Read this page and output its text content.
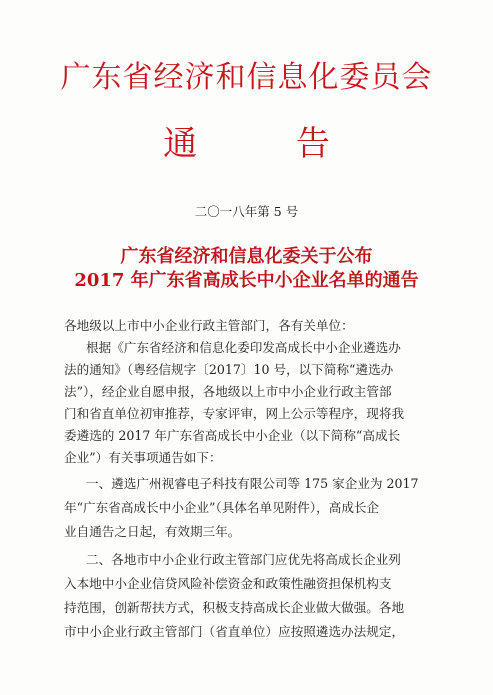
广东省经济和信息化委员会
通 告
二〇一八年第 5 号
广东省经济和信息化委关于公布
2017 年广东省高成长中小企业名单的通告
各地级以上市中小企业行政主管部门，各有关单位：
根据《广东省经济和信息化委印发高成长中小企业遴选办
法的通知》（粤经信规字〔2017〕10 号，以下简称“遴选办
法”），经企业自愿申报，各地级以上市中小企业行政主管部
门和省直单位初审推荐，专家评审，网上公示等程序，现将我
委遴选的 2017 年广东省高成长中小企业（以下简称“高成长
企业”）有关事项通告如下：
一、遴选广州视睿电子科技有限公司等 175 家企业为 2017
年“广东省高成长中小企业”（具体名单见附件），高成长企
业自通告之日起，有效期三年。
二、各地市中小企业行政主管部门应优先将高成长企业列
入本地中小企业信贷风险补偿资金和政策性融资担保机构支
持范围，创新帮扶方式，积极支持高成长企业做大做强。各地
市中小企业行政主管部门（省直单位）应按照遴选办法规定，
